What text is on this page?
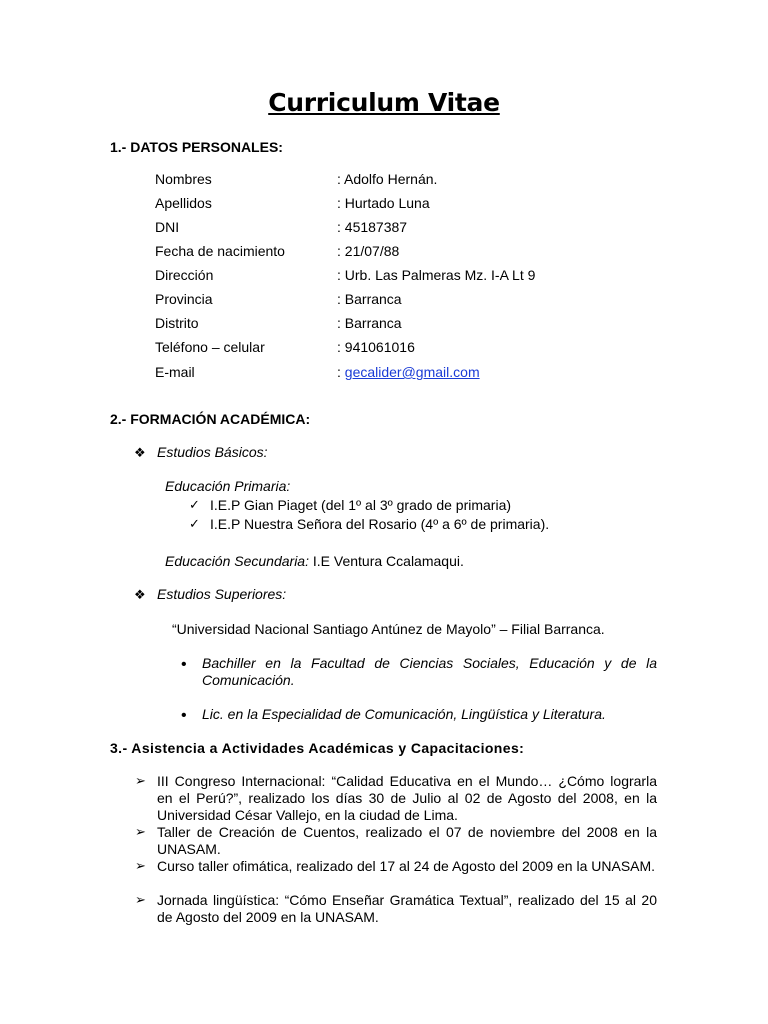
Curriculum Vitae
1.- DATOS PERSONALES:
Nombres	: Adolfo Hernán.
Apellidos	: Hurtado Luna
DNI	: 45187387
Fecha de nacimiento	: 21/07/88
Dirección	: Urb. Las Palmeras Mz. I-A Lt 9
Provincia	: Barranca
Distrito	: Barranca
Teléfono – celular	: 941061016
E-mail	: gecalider@gmail.com
2.- FORMACIÓN ACADÉMICA:
❖ Estudios Básicos:
Educación Primaria:
✓ I.E.P Gian Piaget (del 1º al 3º grado de primaria)
✓ I.E.P Nuestra Señora del Rosario (4º a 6º de primaria).
Educación Secundaria: I.E Ventura Ccalamaqui.
❖ Estudios Superiores:
“Universidad Nacional Santiago Antúnez de Mayolo” – Filial Barranca.
• Bachiller en la Facultad de Ciencias Sociales, Educación y de la Comunicación.
• Lic. en la Especialidad de Comunicación, Lingüística y Literatura.
3.- Asistencia a Actividades Académicas y Capacitaciones:
➢ III Congreso Internacional: “Calidad Educativa en el Mundo… ¿Cómo lograrla en el Perú?”, realizado los días 30 de Julio al 02 de Agosto del 2008, en la Universidad César Vallejo, en la ciudad de Lima.
➢ Taller de Creación de Cuentos, realizado el 07 de noviembre del 2008 en la UNASAM.
➢ Curso taller ofimática, realizado del 17 al 24 de Agosto del 2009 en la UNASAM.
➢ Jornada lingüística: “Cómo Enseñar Gramática Textual”, realizado del 15 al 20 de Agosto del 2009 en la UNASAM.
